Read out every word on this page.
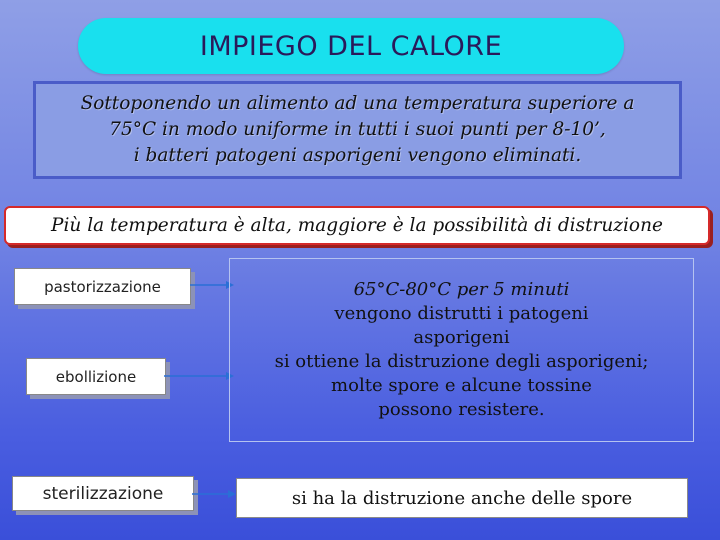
IMPIEGO DEL CALORE

Sottoponendo un alimento ad una temperatura superiore a
75°C in modo uniforme in tutti i suoi punti per 8-10’,
i batteri patogeni asporigeni vengono eliminati.

Più la temperatura è alta, maggiore è la possibilità di distruzione
pastorizzazione
ebollizione
sterilizzazione
65°C-80°C per 5 minuti
vengono distrutti i patogeni
asporigeni
si ottiene la distruzione degli asporigeni;
molte spore e alcune tossine
possono resistere.
si ha la distruzione anche delle spore
